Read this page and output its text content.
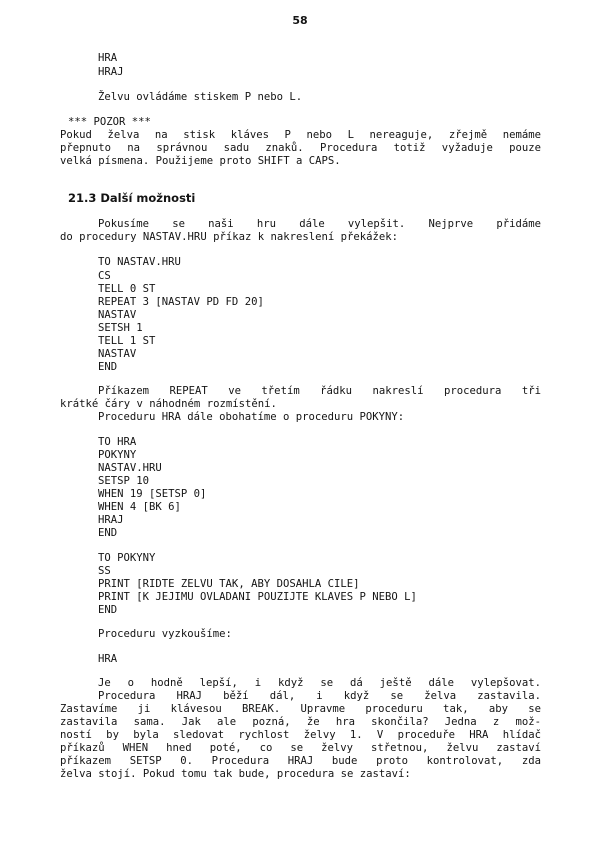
58
HRA
HRAJ
Želvu ovládáme stiskem P nebo L.
*** POZOR ***
Pokud želva na stisk kláves P nebo L nereaguje, zřejmě nemáme
přepnuto na správnou sadu znaků. Procedura totiž vyžaduje pouze
velká písmena. Použijeme proto SHIFT a CAPS.
21.3 Další možnosti
Pokusíme se naši hru dále vylepšit. Nejprve přidáme
do procedury NASTAV.HRU příkaz k nakreslení překážek:
TO NASTAV.HRU
CS
TELL 0 ST
REPEAT 3 [NASTAV PD FD 20]
NASTAV
SETSH 1
TELL 1 ST
NASTAV
END
Příkazem REPEAT ve třetím řádku nakreslí procedura tři
krátké čáry v náhodném rozmístění.
Proceduru HRA dále obohatíme o proceduru POKYNY:
TO HRA
POKYNY
NASTAV.HRU
SETSP 10
WHEN 19 [SETSP 0]
WHEN 4 [BK 6]
HRAJ
END
TO POKYNY
SS
PRINT [RIDTE ZELVU TAK, ABY DOSAHLA CILE]
PRINT [K JEJIMU OVLADANI POUZIJTE KLAVES P NEBO L]
END
Proceduru vyzkoušíme:
HRA
Je o hodně lepší, i když se dá ještě dále vylepšovat.
Procedura HRAJ běží dál, i když se želva zastavila.
Zastavíme ji klávesou BREAK. Upravme proceduru tak, aby se
zastavila sama. Jak ale pozná, že hra skončila? Jedna z mož-
ností by byla sledovat rychlost želvy 1. V proceduře HRA hlídač
příkazů WHEN hned poté, co se želvy střetnou, želvu zastaví
příkazem SETSP 0. Procedura HRAJ bude proto kontrolovat, zda
želva stojí. Pokud tomu tak bude, procedura se zastaví:
